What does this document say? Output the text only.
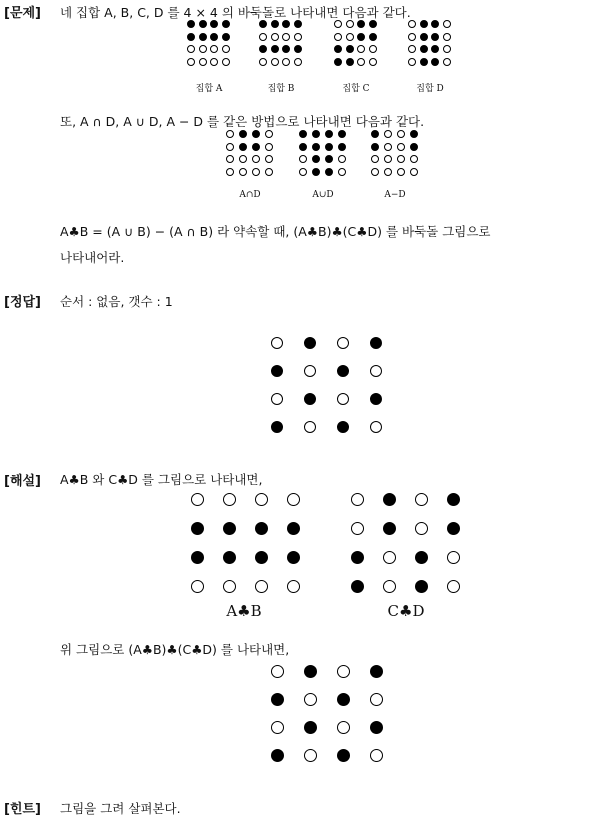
[문제] 네 집합 A, B, C, D 를 4 × 4 의 바둑돌로 나타내면 다음과 같다.
집합 A	집합 B	집합 C	집합 D
또, A ∩ D, A ∪ D, A − D 를 같은 방법으로 나타내면 다음과 같다.
A∩D	A∪D	A−D
A♣B = (A ∪ B) − (A ∩ B) 라 약속할 때, (A♣B)♣(C♣D) 를 바둑돌 그림으로
나타내어라.
[정답] 순서 : 없음, 갯수 : 1
[해설] A♣B 와 C♣D 를 그림으로 나타내면,
A♣B	C♣D
위 그림으로 (A♣B)♣(C♣D) 를 나타내면,
[힌트] 그림을 그려 살펴본다.
